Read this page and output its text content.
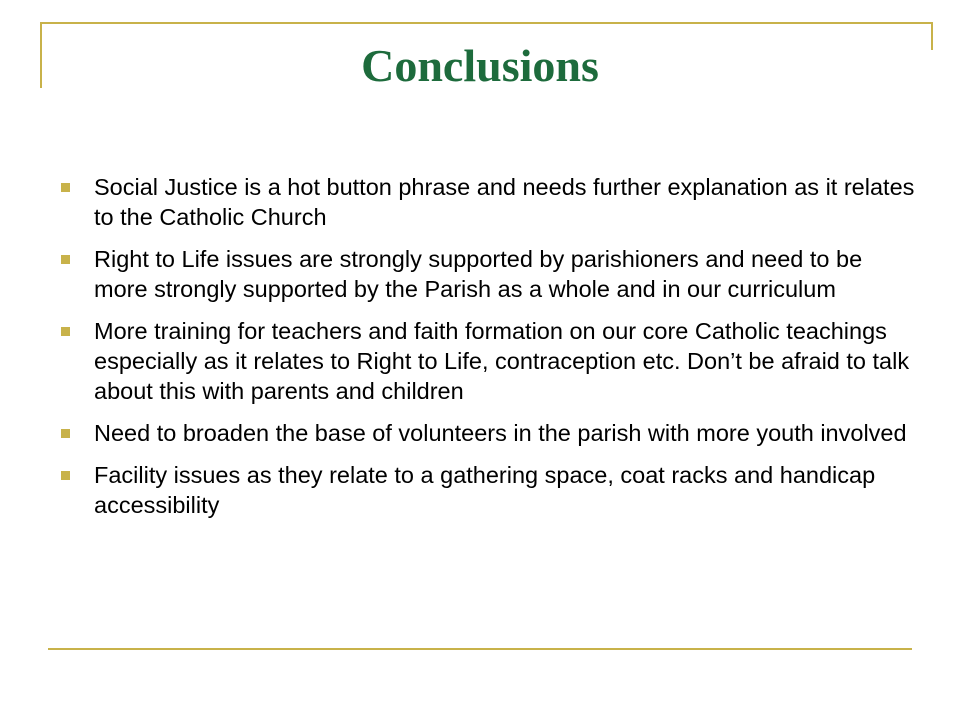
Conclusions
Social Justice is a hot button phrase and needs further explanation as it relates to the Catholic Church
Right to Life issues are strongly supported by parishioners and need to be more strongly supported by the Parish as a whole and in our curriculum
More training for teachers and faith formation on our core Catholic teachings especially as it relates to Right to Life, contraception etc. Don’t be afraid to talk about this with parents and children
Need to broaden the base of volunteers in the parish with more youth involved
Facility issues as they relate to a gathering space, coat racks and handicap accessibility
